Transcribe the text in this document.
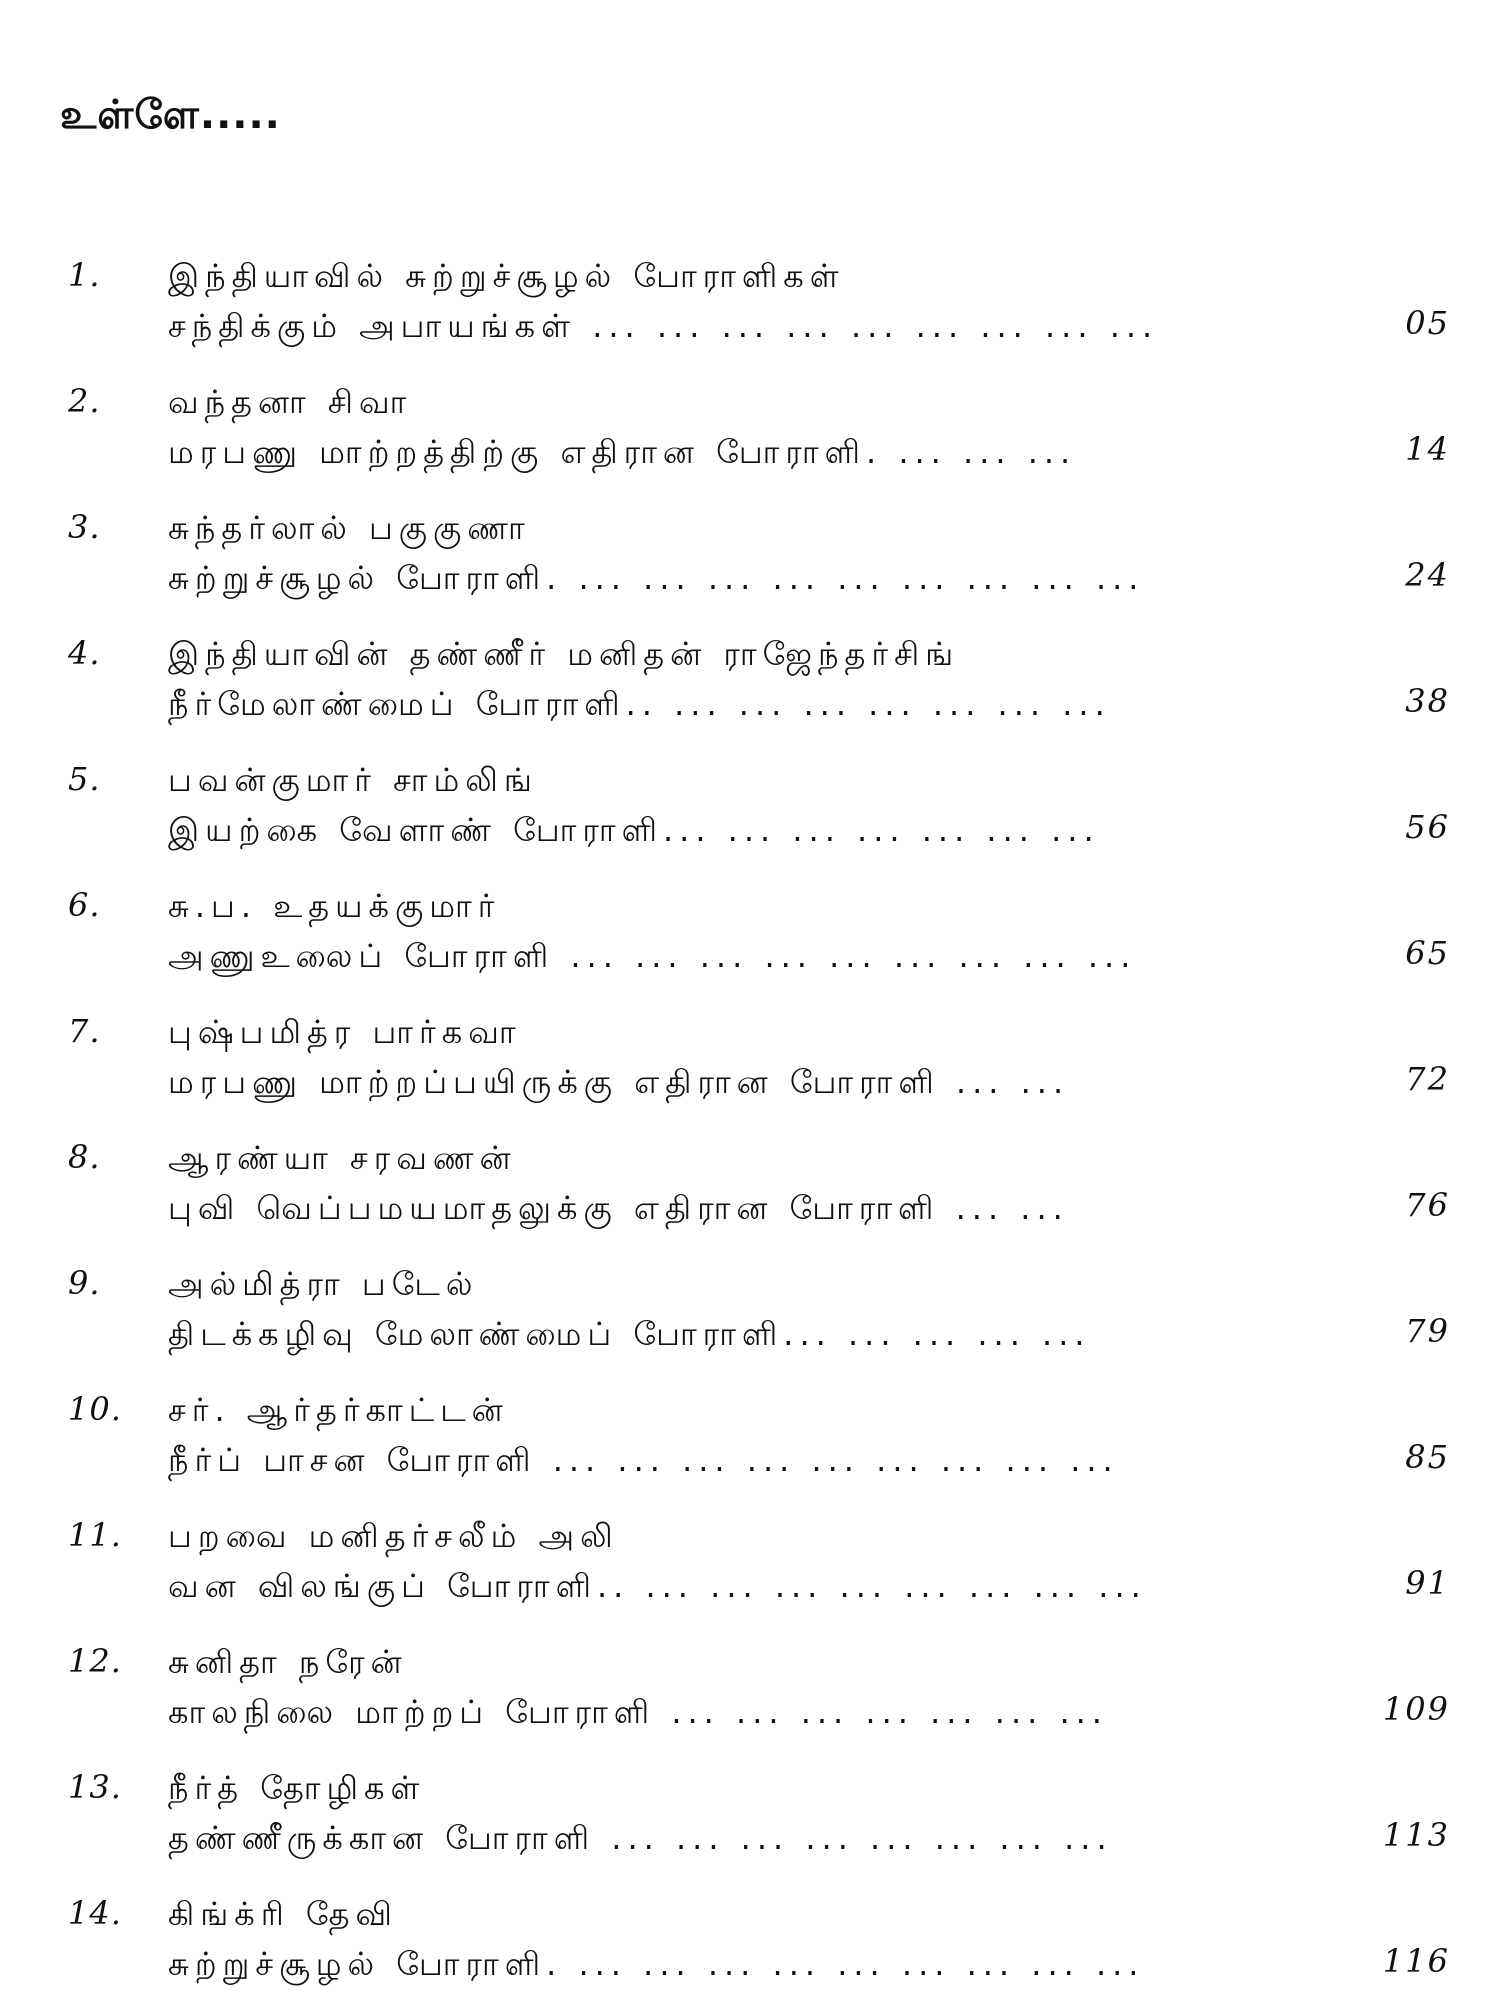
உள்ளே.....
1.	இந்தியாவில் சுற்றுச்சூழல் போராளிகள்
சந்திக்கும் அபாயங்கள் ... ... ... ... ... ... ... ... ...	05
2.	வந்தனா சிவா
மரபணு மாற்றத்திற்கு எதிரான போராளி. ... ... ...	14
3.	சுந்தர்லால் பகுகுணா
சுற்றுச்சூழல் போராளி. ... ... ... ... ... ... ... ... ...	24
4.	இந்தியாவின் தண்ணீர் மனிதன் ராஜேந்தர்சிங்
நீர்மேலாண்மைப் போராளி.. ... ... ... ... ... ... ...	38
5.	பவன்குமார் சாம்லிங்
இயற்கை வேளாண் போராளி... ... ... ... ... ... ...	56
6.	சு.ப. உதயக்குமார்
அணுஉலைப் போராளி ... ... ... ... ... ... ... ... ...	65
7.	புஷ்பமித்ர பார்கவா
மரபணு மாற்றப்பயிருக்கு எதிரான போராளி ... ...	72
8.	ஆரண்யா சரவணன்
புவி வெப்பமயமாதலுக்கு எதிரான போராளி ... ...	76
9.	அல்மித்ரா படேல்
திடக்கழிவு மேலாண்மைப் போராளி... ... ... ... ...	79
10.	சர். ஆர்தர்காட்டன்
நீர்ப் பாசன போராளி ... ... ... ... ... ... ... ... ...	85
11.	பறவை மனிதர்சலீம் அலி
வன விலங்குப் போராளி.. ... ... ... ... ... ... ... ...	91
12.	சுனிதா நரேன்
காலநிலை மாற்றப் போராளி ... ... ... ... ... ... ...	109
13.	நீர்த் தோழிகள்
தண்ணீருக்கான போராளி ... ... ... ... ... ... ... ...	113
14.	கிங்க்ரி தேவி
சுற்றுச்சூழல் போராளி. ... ... ... ... ... ... ... ... ...	116
